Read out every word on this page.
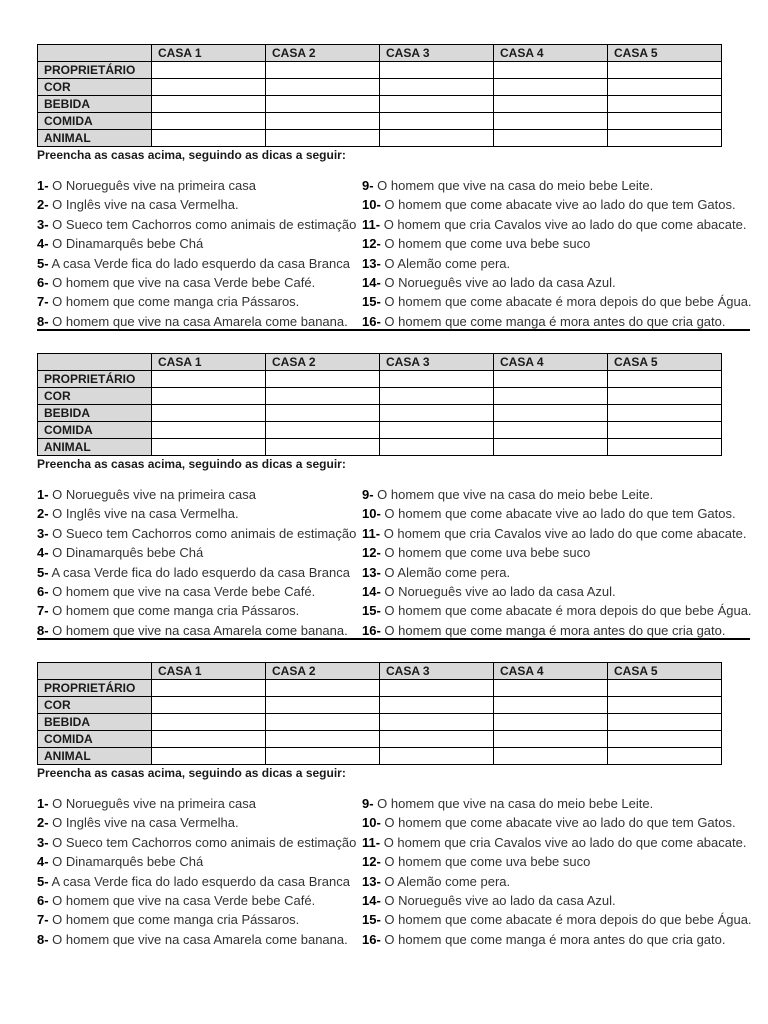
	CASA 1	CASA 2	CASA 3	CASA 4	CASA 5
PROPRIETÁRIO					
COR					
BEBIDA					
COMIDA					
ANIMAL					
Preencha as casas acima, seguindo as dicas a seguir:
1- O Norueguês vive na primeira casa
2- O Inglês vive na casa Vermelha.
3- O Sueco tem Cachorros como animais de estimação
4- O Dinamarquês bebe Chá
5- A casa Verde fica do lado esquerdo da casa Branca
6- O homem que vive na casa Verde bebe Café.
7- O homem que come manga cria Pássaros.
8- O homem que vive na casa Amarela come banana.
9- O homem que vive na casa do meio bebe Leite.
10- O homem que come abacate vive ao lado do que tem Gatos.
11- O homem que cria Cavalos vive ao lado do que come abacate.
12- O homem que come uva bebe suco
13- O Alemão come pera.
14- O Norueguês vive ao lado da casa Azul.
15- O homem que come abacate é mora depois do que bebe Água.
16- O homem que come manga é mora antes do que cria gato.
	CASA 1	CASA 2	CASA 3	CASA 4	CASA 5
PROPRIETÁRIO					
COR					
BEBIDA					
COMIDA					
ANIMAL					
Preencha as casas acima, seguindo as dicas a seguir:
1- O Norueguês vive na primeira casa
2- O Inglês vive na casa Vermelha.
3- O Sueco tem Cachorros como animais de estimação
4- O Dinamarquês bebe Chá
5- A casa Verde fica do lado esquerdo da casa Branca
6- O homem que vive na casa Verde bebe Café.
7- O homem que come manga cria Pássaros.
8- O homem que vive na casa Amarela come banana.
9- O homem que vive na casa do meio bebe Leite.
10- O homem que come abacate vive ao lado do que tem Gatos.
11- O homem que cria Cavalos vive ao lado do que come abacate.
12- O homem que come uva bebe suco
13- O Alemão come pera.
14- O Norueguês vive ao lado da casa Azul.
15- O homem que come abacate é mora depois do que bebe Água.
16- O homem que come manga é mora antes do que cria gato.
	CASA 1	CASA 2	CASA 3	CASA 4	CASA 5
PROPRIETÁRIO					
COR					
BEBIDA					
COMIDA					
ANIMAL					
Preencha as casas acima, seguindo as dicas a seguir:
1- O Norueguês vive na primeira casa
2- O Inglês vive na casa Vermelha.
3- O Sueco tem Cachorros como animais de estimação
4- O Dinamarquês bebe Chá
5- A casa Verde fica do lado esquerdo da casa Branca
6- O homem que vive na casa Verde bebe Café.
7- O homem que come manga cria Pássaros.
8- O homem que vive na casa Amarela come banana.
9- O homem que vive na casa do meio bebe Leite.
10- O homem que come abacate vive ao lado do que tem Gatos.
11- O homem que cria Cavalos vive ao lado do que come abacate.
12- O homem que come uva bebe suco
13- O Alemão come pera.
14- O Norueguês vive ao lado da casa Azul.
15- O homem que come abacate é mora depois do que bebe Água.
16- O homem que come manga é mora antes do que cria gato.
